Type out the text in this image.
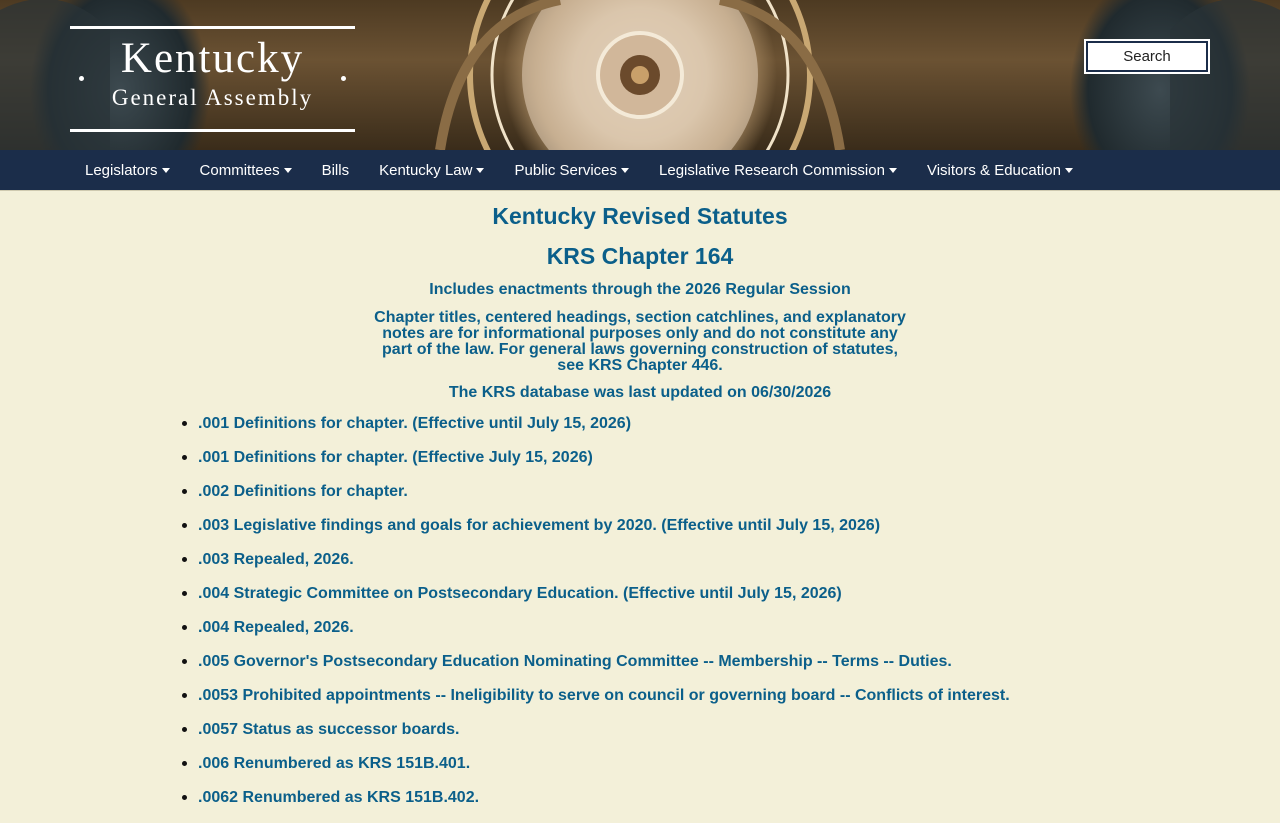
Kentucky
General Assembly
Search
Legislators	Committees	Bills Kentucky Law	Public Services	Legislative Research Commission	Visitors & Education
Kentucky Revised Statutes
KRS Chapter 164
Includes enactments through the 2026 Regular Session
Chapter titles, centered headings, section catchlines, and explanatory notes are for informational purposes only and do not constitute any part of the law. For general laws governing construction of statutes, see KRS Chapter 446.
The KRS database was last updated on 06/30/2026
.001 Definitions for chapter. (Effective until July 15, 2026)
.001 Definitions for chapter. (Effective July 15, 2026)
.002 Definitions for chapter.
.003 Legislative findings and goals for achievement by 2020. (Effective until July 15, 2026)
.003 Repealed, 2026.
.004 Strategic Committee on Postsecondary Education. (Effective until July 15, 2026)
.004 Repealed, 2026.
.005 Governor's Postsecondary Education Nominating Committee -- Membership -- Terms -- Duties.
.0053 Prohibited appointments -- Ineligibility to serve on council or governing board -- Conflicts of interest.
.0057 Status as successor boards.
.006 Renumbered as KRS 151B.401.
.0062 Renumbered as KRS 151B.402.
